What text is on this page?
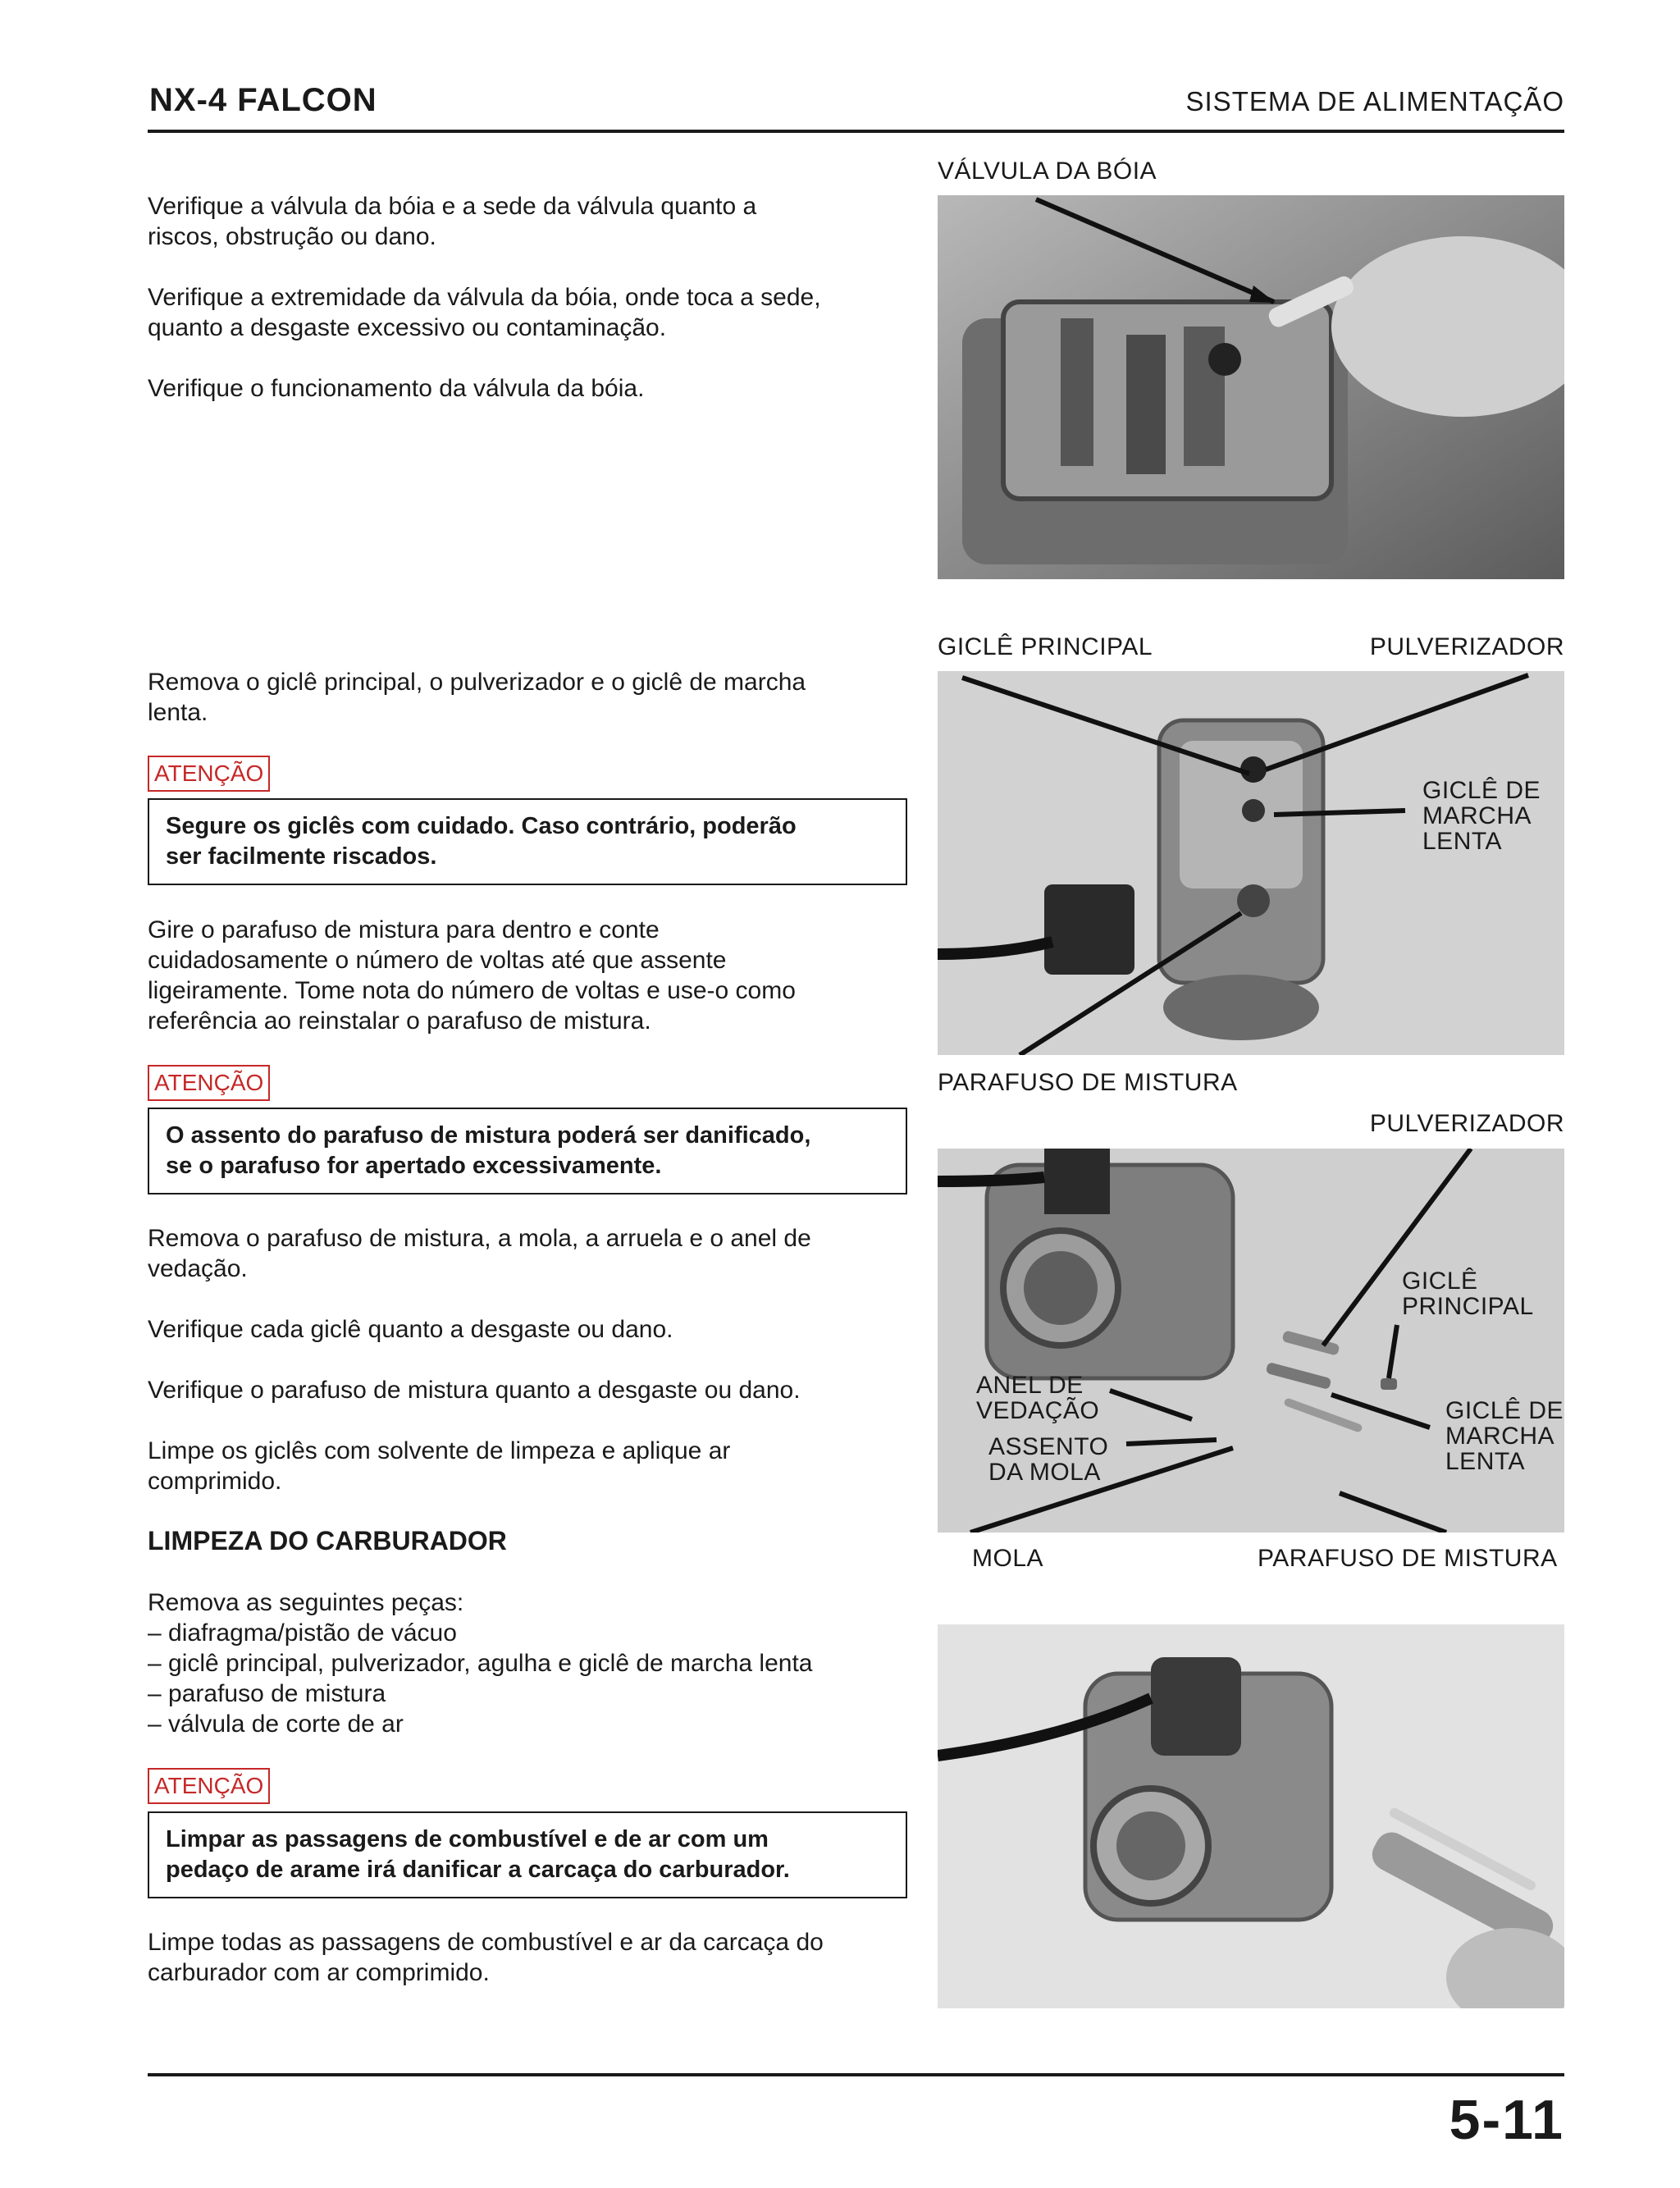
NX-4 FALCON	SISTEMA DE ALIMENTAÇÃO
Verifique a válvula da bóia e a sede da válvula quanto a
riscos, obstrução ou dano.
Verifique a extremidade da válvula da bóia, onde toca a sede,
quanto a desgaste excessivo ou contaminação.
Verifique o funcionamento da válvula da bóia.
Remova o giclê principal, o pulverizador e o giclê de marcha
lenta.
ATENÇÃO
Segure os giclês com cuidado. Caso contrário, poderão
ser facilmente riscados.
Gire o parafuso de mistura para dentro e conte
cuidadosamente o número de voltas até que assente
ligeiramente. Tome nota do número de voltas e use-o como
referência ao reinstalar o parafuso de mistura.
ATENÇÃO
O assento do parafuso de mistura poderá ser danificado,
se o parafuso for apertado excessivamente.
Remova o parafuso de mistura, a mola, a arruela e o anel de
vedação.
Verifique cada giclê quanto a desgaste ou dano.
Verifique o parafuso de mistura quanto a desgaste ou dano.
Limpe os giclês com solvente de limpeza e aplique ar
comprimido.
LIMPEZA DO CARBURADOR
Remova as seguintes peças:
– diafragma/pistão de vácuo
– giclê principal, pulverizador, agulha e giclê de marcha lenta
– parafuso de mistura
– válvula de corte de ar
ATENÇÃO
Limpar as passagens de combustível e de ar com um
pedaço de arame irá danificar a carcaça do carburador.
Limpe todas as passagens de combustível e ar da carcaça do
carburador com ar comprimido.
VÁLVULA DA BÓIA
GICLÊ PRINCIPAL	PULVERIZADOR
GICLÊ DE
MARCHA
LENTA
PARAFUSO DE MISTURA
PULVERIZADOR
GICLÊ
PRINCIPAL
ANEL DE
VEDAÇÃO
ASSENTO
DA MOLA
GICLÊ DE
MARCHA
LENTA
MOLA	PARAFUSO DE MISTURA
5-11
